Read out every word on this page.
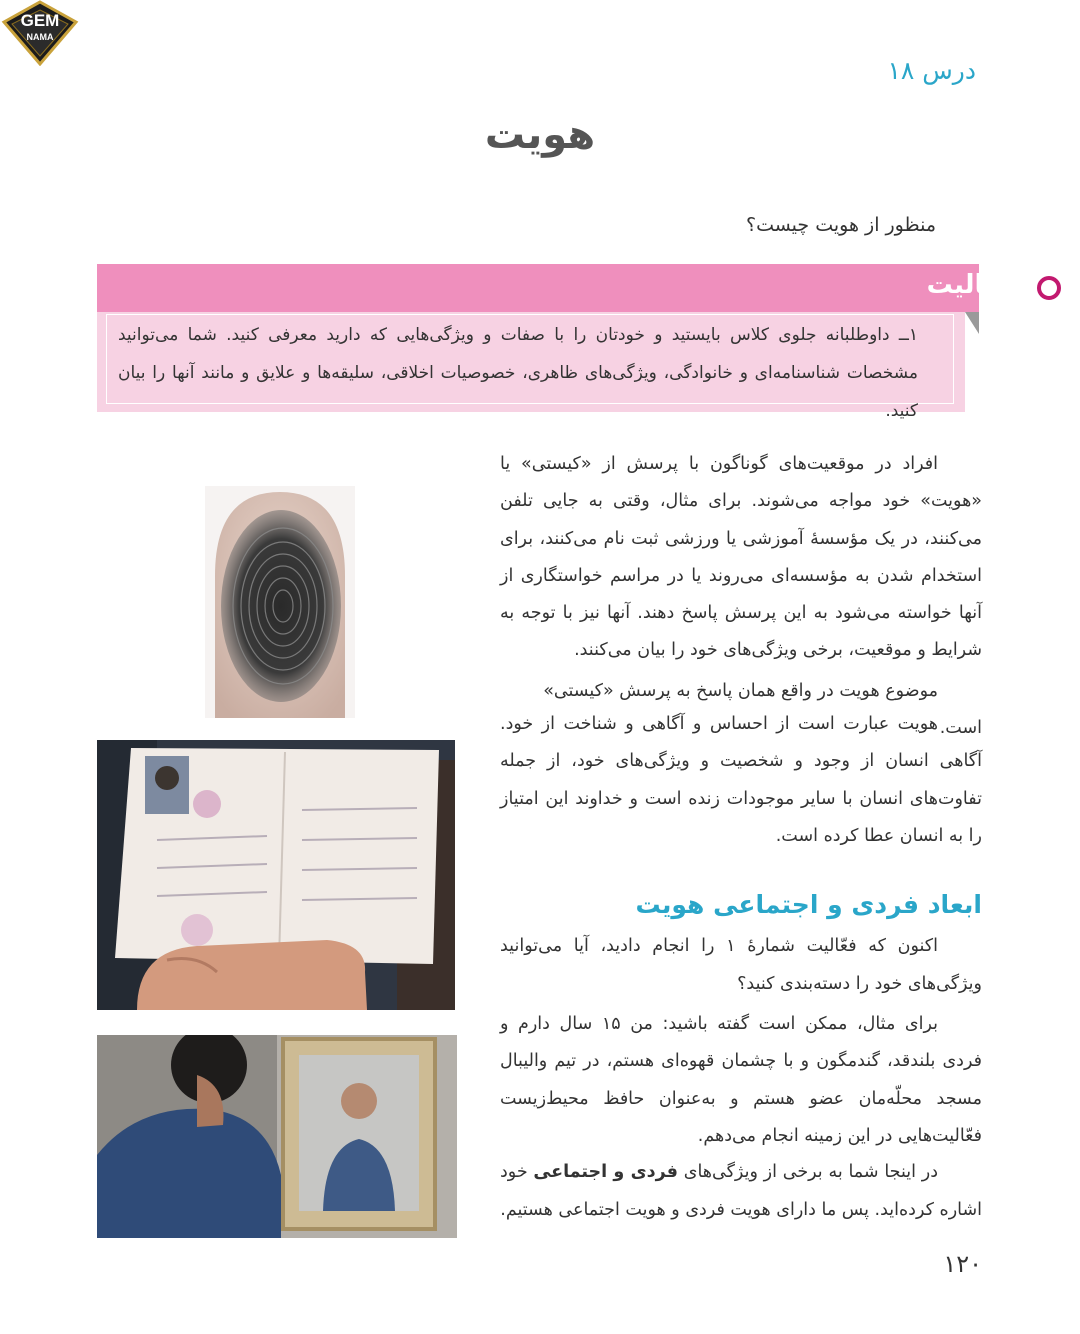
GEM
NAMA
درس ۱۸
هویت
منظور از هویت چیست؟
فعّالیت
۱ــ داوطلبانه جلوی کلاس بایستید و خودتان را با صفات و ویژگی‌هایی که دارید معرفی کنید. شما می‌توانید مشخصات شناسنامه‌ای و خانوادگی، ویژگی‌های ظاهری، خصوصیات اخلاقی، سلیقه‌ها و علایق و مانند آنها را بیان کنید.
افراد در موقعیت‌های گوناگون با پرسش از «کیستی» یا «هویت» خود مواجه می‌شوند. برای مثال، وقتی به جایی تلفن می‌کنند، در یک مؤسسهٔ آموزشی یا ورزشی ثبت نام می‌کنند، برای استخدام شدن به مؤسسه‌ای می‌روند یا در مراسم خواستگاری از آنها خواسته می‌شود به این پرسش پاسخ دهند. آنها نیز با توجه به شرایط و موقعیت، برخی ویژگی‌های خود را بیان می‌کنند.
موضوع هویت در واقع همان پاسخ به پرسش «کیستی» است.
هویت عبارت است از احساس و آگاهی و شناخت از خود. آگاهی انسان از وجود و شخصیت و ویژگی‌های خود، از جمله تفاوت‌های انسان با سایر موجودات زنده است و خداوند این امتیاز را به انسان عطا کرده است.
ابعاد فردی و اجتماعی هویت
اکنون که فعّالیت شمارهٔ ۱ را انجام دادید، آیا می‌توانید ویژگی‌های خود را دسته‌بندی کنید؟
برای مثال، ممکن است گفته باشید: من ۱۵ سال دارم و فردی بلندقد، گندمگون و با چشمان قهوه‌ای هستم، در تیم والیبال مسجد محلّه‌مان عضو هستم و به‌عنوان حافظ محیط‌زیست فعّالیت‌هایی در این زمینه انجام می‌دهم.
در اینجا شما به برخی از ویژگی‌های فردی و اجتماعی خود اشاره کرده‌اید. پس ما دارای هویت فردی و هویت اجتماعی هستیم.
۱۲۰
